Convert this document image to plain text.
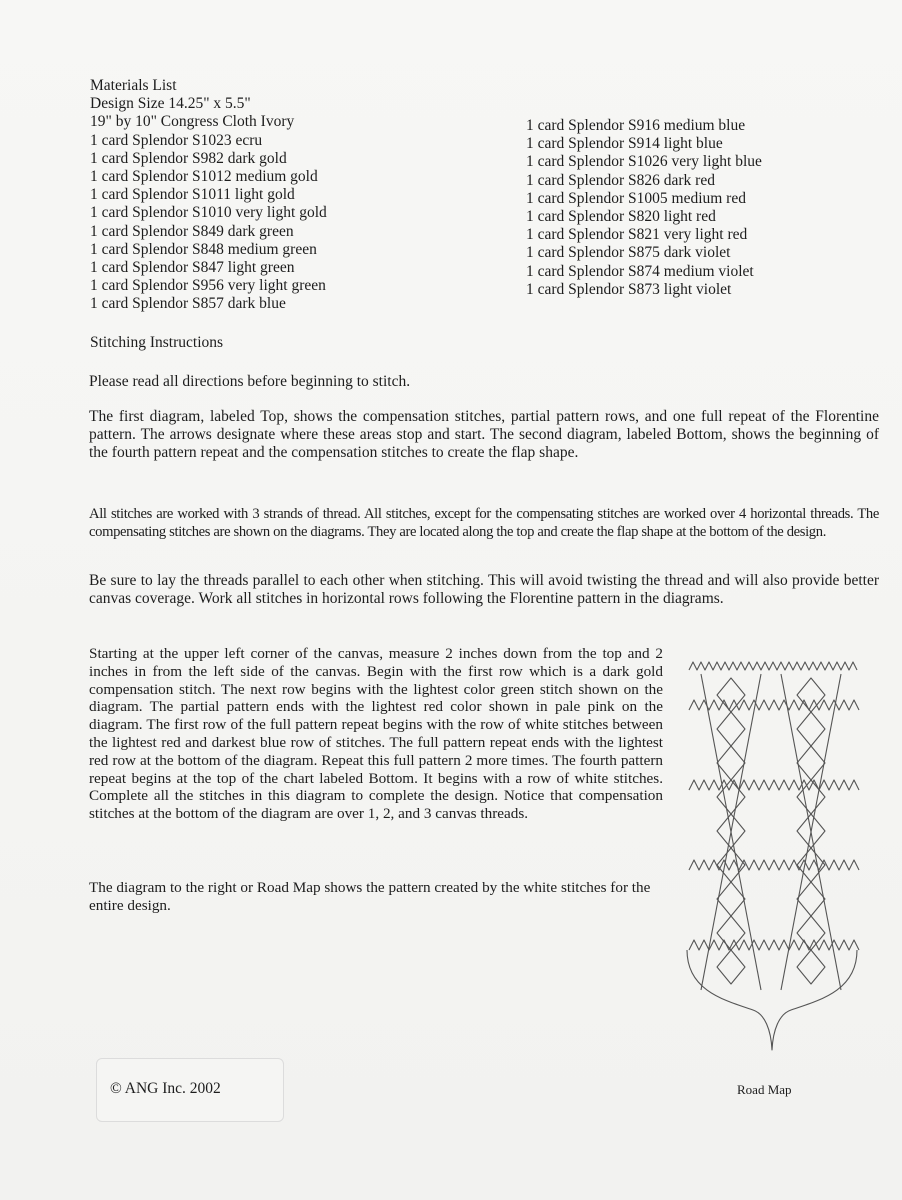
Materials List
Design Size 14.25" x 5.5"
19" by 10" Congress Cloth Ivory
1 card Splendor S1023 ecru
1 card Splendor S982 dark gold
1 card Splendor S1012 medium gold
1 card Splendor S1011 light gold
1 card Splendor S1010 very light gold
1 card Splendor S849 dark green
1 card Splendor S848 medium green
1 card Splendor S847 light green
1 card Splendor S956 very light green
1 card Splendor S857 dark blue
1 card Splendor S916 medium blue
1 card Splendor S914 light blue
1 card Splendor S1026 very light blue
1 card Splendor S826 dark red
1 card Splendor S1005 medium red
1 card Splendor S820 light red
1 card Splendor S821 very light red
1 card Splendor S875 dark violet
1 card Splendor S874 medium violet
1 card Splendor S873 light violet
Stitching Instructions
Please read all directions before beginning to stitch.
The first diagram, labeled Top, shows the compensation stitches, partial pattern rows, and one full repeat of the Florentine pattern. The arrows designate where these areas stop and start. The second diagram, labeled Bottom, shows the beginning of the fourth pattern repeat and the compensation stitches to create the flap shape.
All stitches are worked with 3 strands of thread. All stitches, except for the compensating stitches are worked over 4 horizontal threads. The compensating stitches are shown on the diagrams. They are located along the top and create the flap shape at the bottom of the design.
Be sure to lay the threads parallel to each other when stitching. This will avoid twisting the thread and will also provide better canvas coverage. Work all stitches in horizontal rows following the Florentine pattern in the diagrams.
Starting at the upper left corner of the canvas, measure 2 inches down from the top and 2 inches in from the left side of the canvas. Begin with the first row which is a dark gold compensation stitch. The next row begins with the lightest color green stitch shown on the diagram. The partial pattern ends with the lightest red color shown in pale pink on the diagram. The first row of the full pattern repeat begins with the row of white stitches between the lightest red and darkest blue row of stitches. The full pattern repeat ends with the lightest red row at the bottom of the diagram. Repeat this full pattern 2 more times. The fourth pattern repeat begins at the top of the chart labeled Bottom. It begins with a row of white stitches. Complete all the stitches in this diagram to complete the design. Notice that compensation stitches at the bottom of the diagram are over 1, 2, and 3 canvas threads.
The diagram to the right or Road Map shows the pattern created by the white stitches for the entire design.
© ANG Inc. 2002	Road Map
